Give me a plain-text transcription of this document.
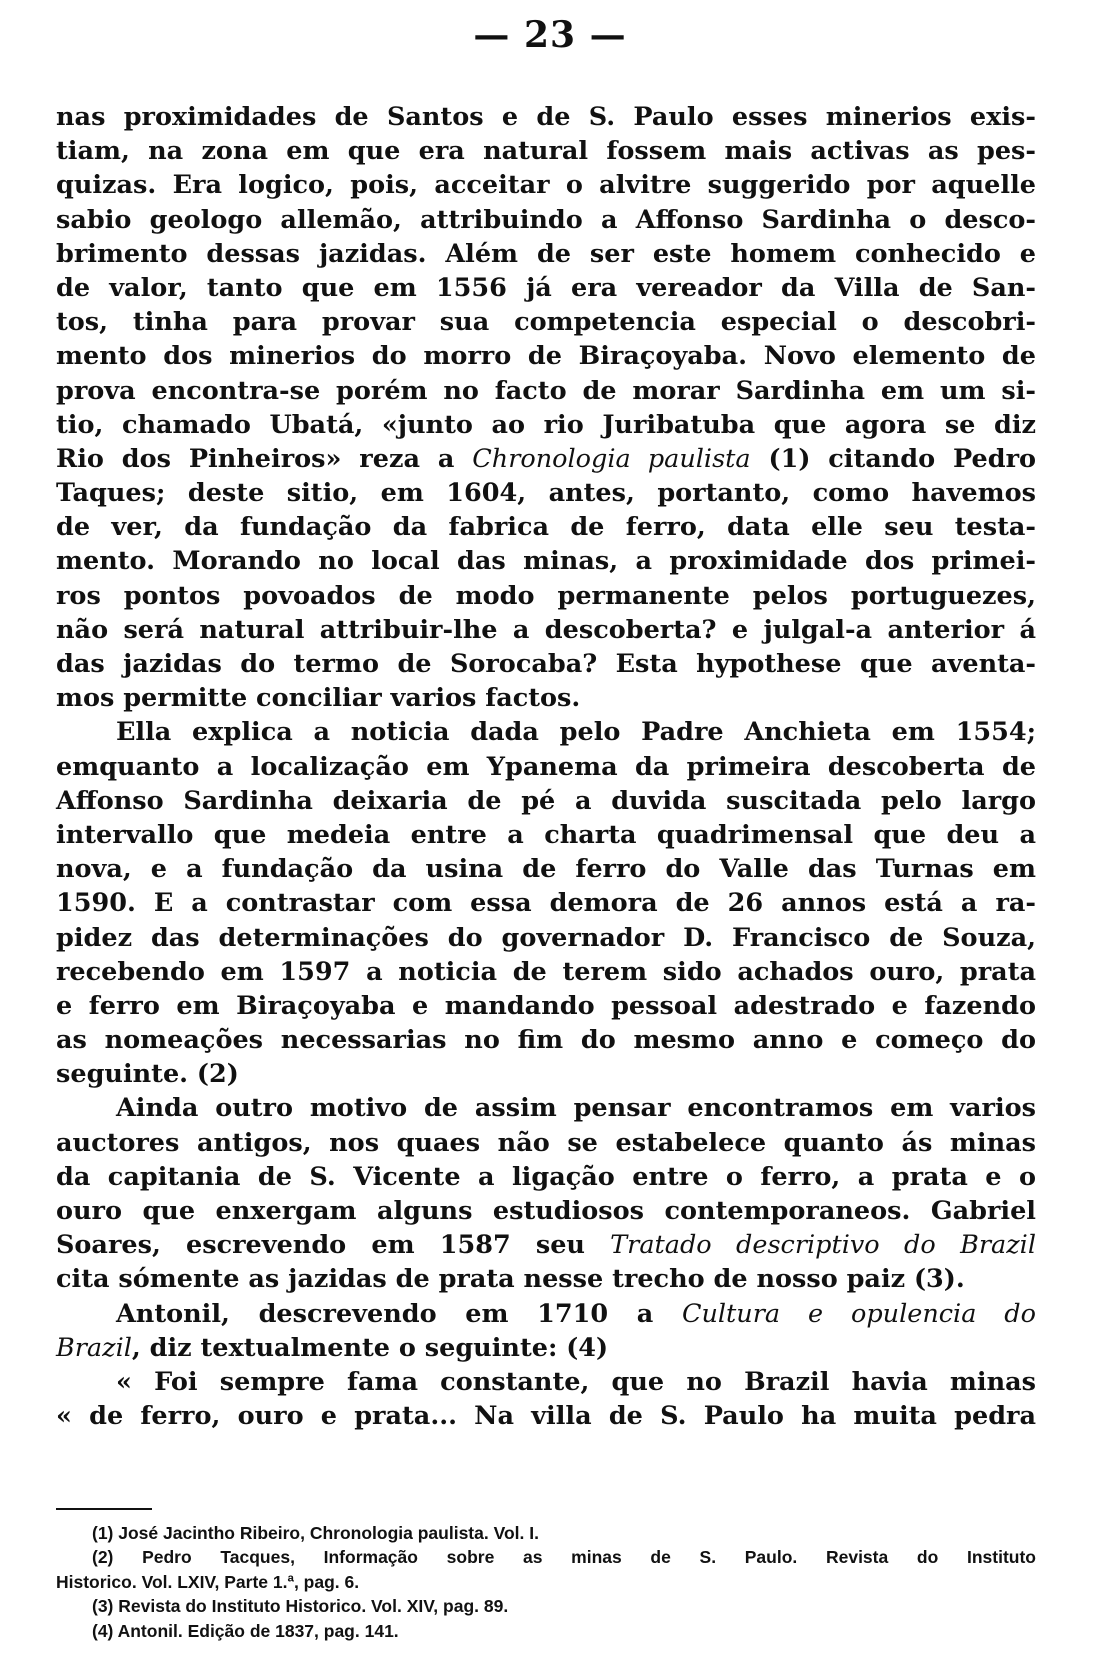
— 23 —
nas proximidades de Santos e de S. Paulo esses minerios exis-
tiam, na zona em que era natural fossem mais activas as pes-
quizas. Era logico, pois, acceitar o alvitre suggerido por aquelle
sabio geologo allemão, attribuindo a Affonso Sardinha o desco-
brimento dessas jazidas. Além de ser este homem conhecido e
de valor, tanto que em 1556 já era vereador da Villa de San-
tos, tinha para provar sua competencia especial o descobri-
mento dos minerios do morro de Biraçoyaba. Novo elemento de
prova encontra-se porém no facto de morar Sardinha em um si-
tio, chamado Ubatá, «junto ao rio Juribatuba que agora se diz
Rio dos Pinheiros» reza a Chronologia paulista (1) citando Pedro
Taques; deste sitio, em 1604, antes, portanto, como havemos
de ver, da fundação da fabrica de ferro, data elle seu testa-
mento. Morando no local das minas, a proximidade dos primei-
ros pontos povoados de modo permanente pelos portuguezes,
não será natural attribuir-lhe a descoberta? e julgal-a anterior á
das jazidas do termo de Sorocaba? Esta hypothese que aventa-
mos permitte conciliar varios factos.
Ella explica a noticia dada pelo Padre Anchieta em 1554;
emquanto a localização em Ypanema da primeira descoberta de
Affonso Sardinha deixaria de pé a duvida suscitada pelo largo
intervallo que medeia entre a charta quadrimensal que deu a
nova, e a fundação da usina de ferro do Valle das Turnas em
1590. E a contrastar com essa demora de 26 annos está a ra-
pidez das determinações do governador D. Francisco de Souza,
recebendo em 1597 a noticia de terem sido achados ouro, prata
e ferro em Biraçoyaba e mandando pessoal adestrado e fazendo
as nomeações necessarias no fim do mesmo anno e começo do
seguinte. (2)
Ainda outro motivo de assim pensar encontramos em varios
auctores antigos, nos quaes não se estabelece quanto ás minas
da capitania de S. Vicente a ligação entre o ferro, a prata e o
ouro que enxergam alguns estudiosos contemporaneos. Gabriel
Soares, escrevendo em 1587 seu Tratado descriptivo do Brazil
cita sómente as jazidas de prata nesse trecho de nosso paiz (3).
Antonil, descrevendo em 1710 a Cultura e opulencia do
Brazil, diz textualmente o seguinte: (4)
« Foi sempre fama constante, que no Brazil havia minas
« de ferro, ouro e prata... Na villa de S. Paulo ha muita pedra
(1) José Jacintho Ribeiro, Chronologia paulista. Vol. I.
(2) Pedro Tacques, Informação sobre as minas de S. Paulo. Revista do Instituto
Historico. Vol. LXIV, Parte 1.ª, pag. 6.
(3) Revista do Instituto Historico. Vol. XIV, pag. 89.
(4) Antonil. Edição de 1837, pag. 141.
